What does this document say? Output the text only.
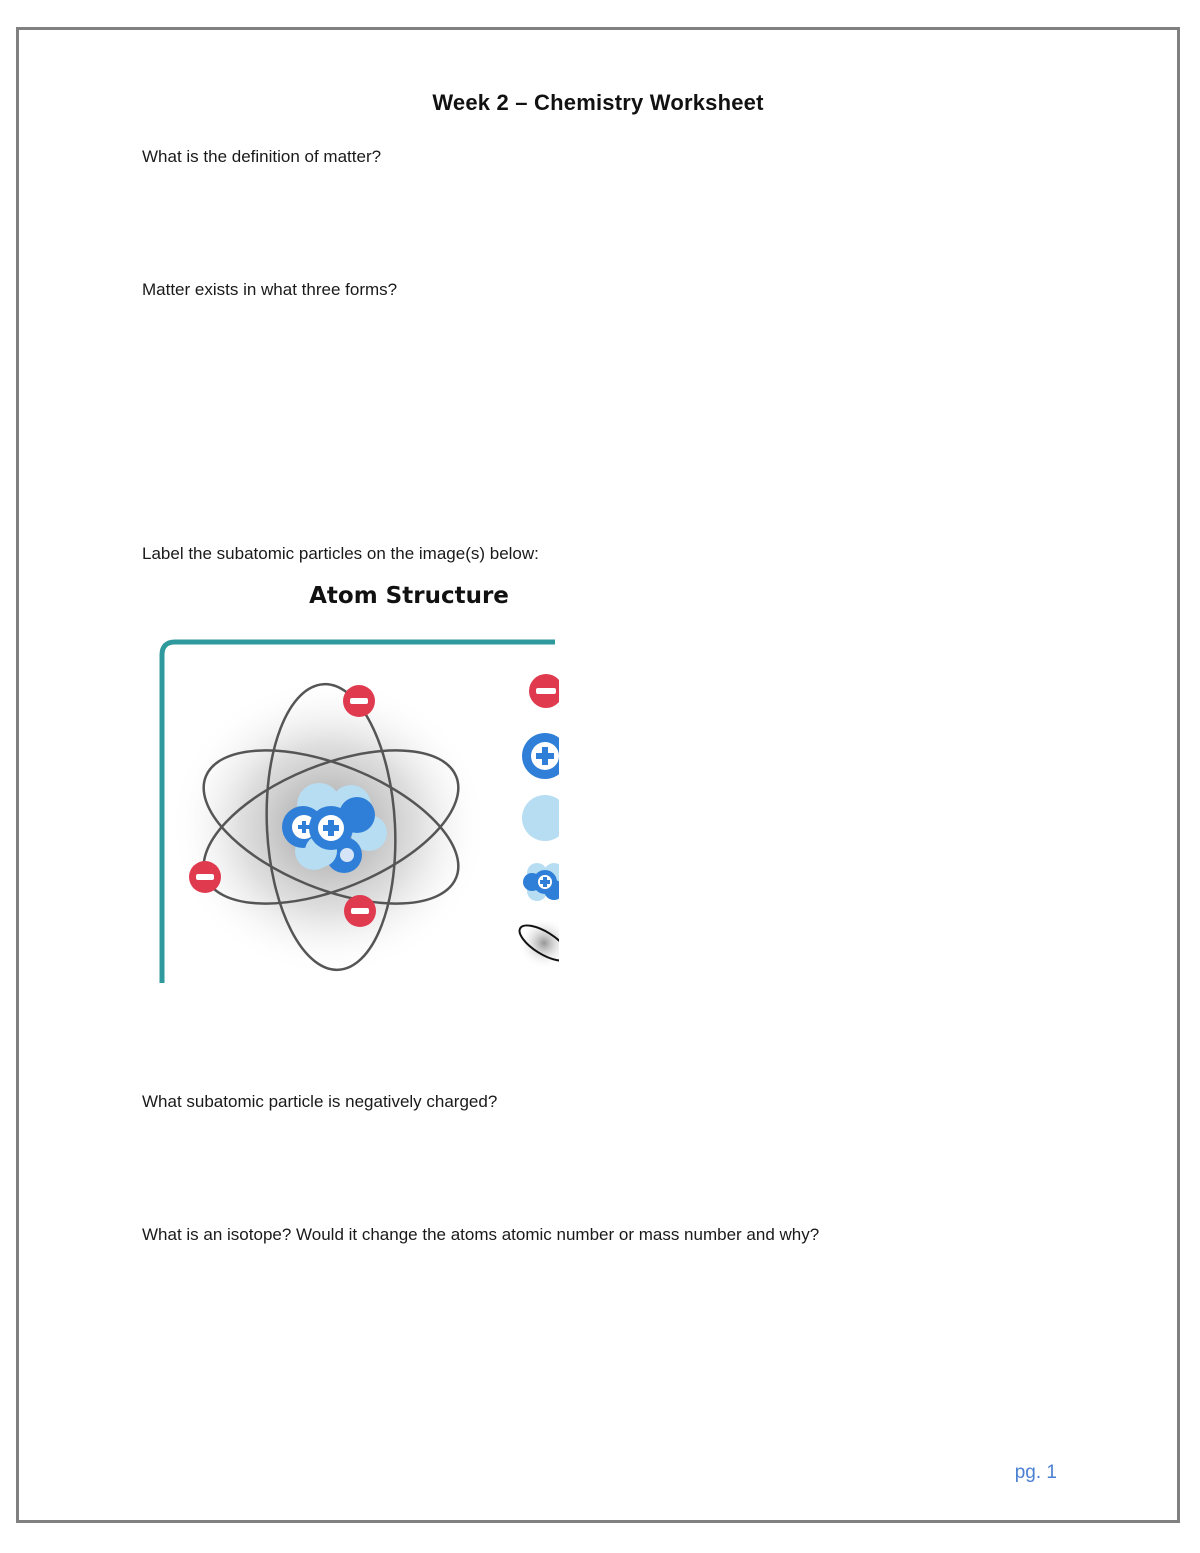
Week 2 – Chemistry Worksheet
What is the definition of matter?
Matter exists in what three forms?
Label the subatomic particles on the image(s) below:
Atom Structure
What subatomic particle is negatively charged?
What is an isotope? Would it change the atoms atomic number or mass number and why?
pg. 1
